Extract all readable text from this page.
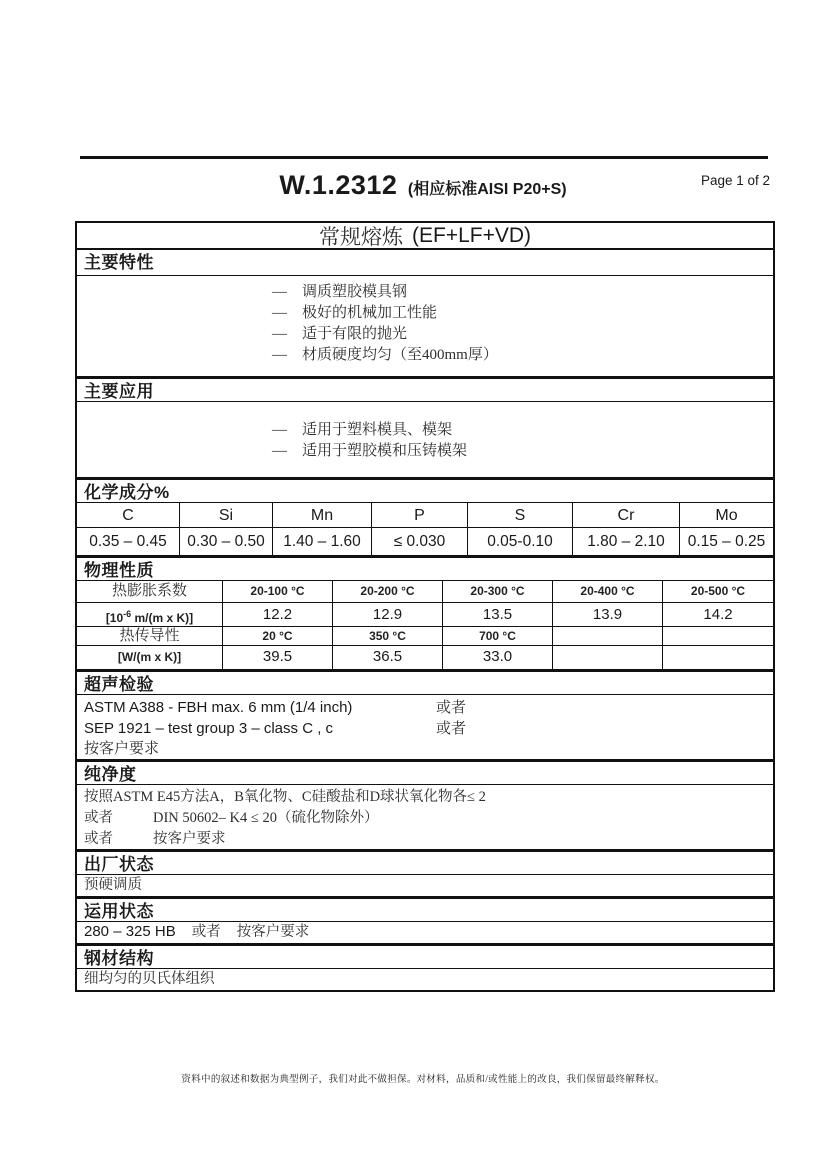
W.1.2312 (相应标准AISI P20+S)
Page 1 of 2
常规熔炼 (EF+LF+VD)
主要特性
— 调质塑胶模具钢
— 极好的机械加工性能
— 适于有限的抛光
— 材质硬度均匀（至400mm厚）
主要应用
— 适用于塑料模具、模架
— 适用于塑胶模和压铸模架
化学成分%
C	Si	Mn	P	S	Cr	Mo
0.35 – 0.45	0.30 – 0.50	1.40 – 1.60	≤ 0.030	0.05-0.10	1.80 – 2.10	0.15 – 0.25
物理性质
热膨胀系数	20-100 °C	20-200 °C	20-300 °C	20-400 °C	20-500 °C
[$10^{-6}$ m/(m x K)]	12.2	12.9	13.5	13.9	14.2
热传导性	20 °C	350 °C	700 °C
[W/(m x K)]	39.5	36.5	33.0
超声检验
ASTM A388 - FBH max. 6 mm (1/4 inch)	或者
SEP 1921 – test group 3 – class C , c	或者
按客户要求
纯净度
按照ASTM E45方法A，B氧化物、C硅酸盐和D球状氧化物各≤ 2
或者	DIN 50602– K4 ≤ 20（硫化物除外）
或者	按客户要求
出厂状态
预硬调质
运用状态
280 – 325 HB 或者 按客户要求
钢材结构
细均匀的贝氏体组织
资料中的叙述和数据为典型例子，我们对此不做担保。对材料，品质和/或性能上的改良，我们保留最终解释权。
